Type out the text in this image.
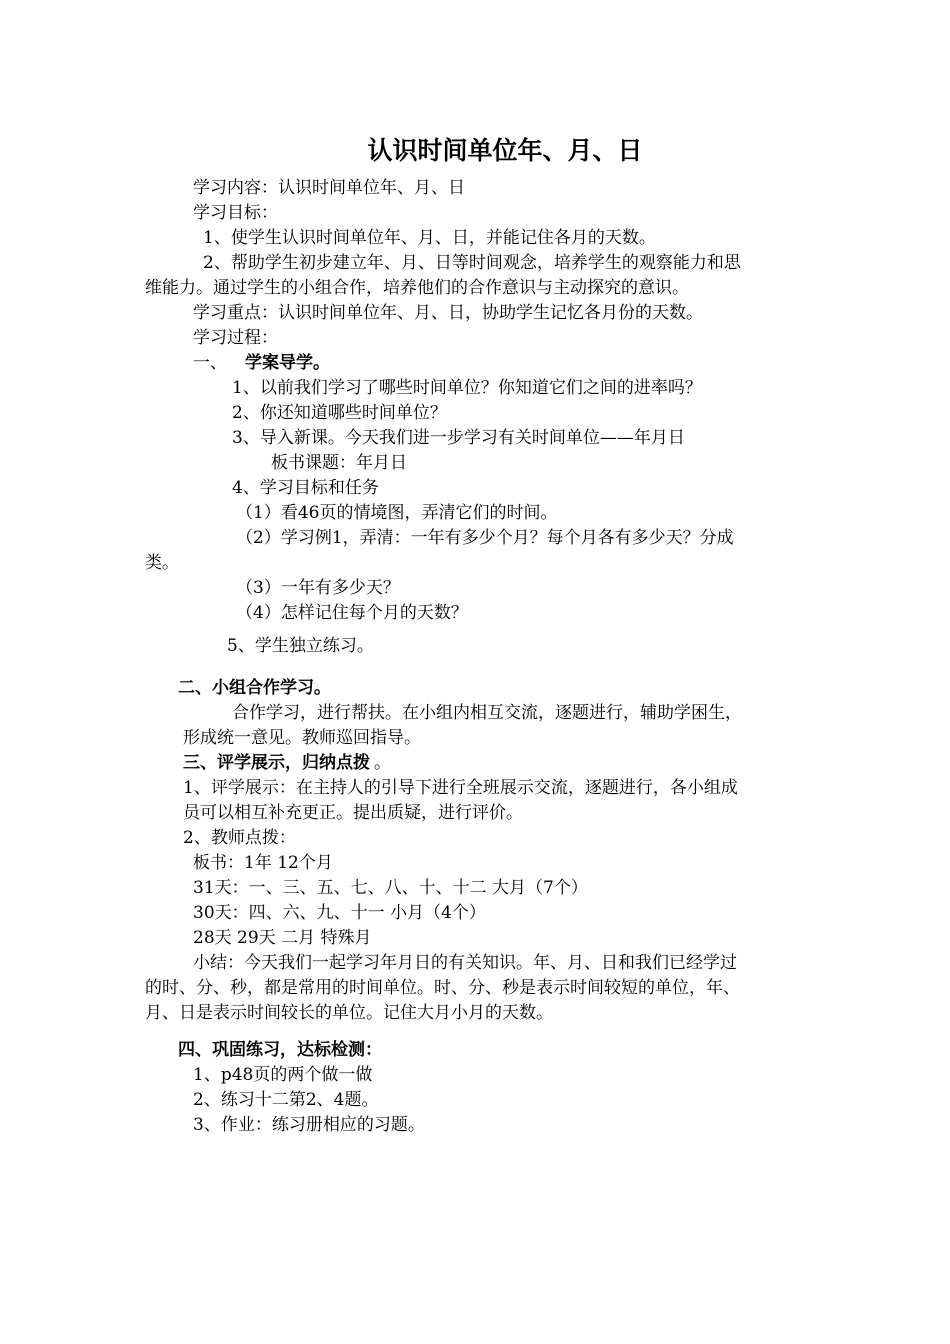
认识时间单位年、月、日
学习内容：认识时间单位年、月、日
学习目标：
1、使学生认识时间单位年、月、日，并能记住各月的天数。
2、帮助学生初步建立年、月、日等时间观念，培养学生的观察能力和思
维能力。通过学生的小组合作，培养他们的合作意识与主动探究的意识。
学习重点：认识时间单位年、月、日，协助学生记忆各月份的天数。
学习过程：
一、 学案导学。
1、以前我们学习了哪些时间单位？你知道它们之间的进率吗？
2、你还知道哪些时间单位？
3、导入新课。今天我们进一步学习有关时间单位——年月日
板书课题：年月日
4、学习目标和任务
（1）看46页的情境图，弄清它们的时间。
（2）学习例1，弄清：一年有多少个月？每个月各有多少天？分成
类。
（3）一年有多少天？
（4）怎样记住每个月的天数？
5、学生独立练习。
二、小组合作学习。
合作学习，进行帮扶。在小组内相互交流，逐题进行，辅助学困生，
形成统一意见。教师巡回指导。
三、评学展示，归纳点拨 。
1、评学展示：在主持人的引导下进行全班展示交流，逐题进行，各小组成
员可以相互补充更正。提出质疑，进行评价。
2、教师点拨：
板书：1年 12个月
31天：一、三、五、七、八、十、十二 大月（7个）
30天：四、六、九、十一 小月（4个）
28天 29天 二月 特殊月
小结：今天我们一起学习年月日的有关知识。年、月、日和我们已经学过
的时、分、秒，都是常用的时间单位。时、分、秒是表示时间较短的单位，年、
月、日是表示时间较长的单位。记住大月小月的天数。
四、巩固练习，达标检测：
1、p48页的两个做一做
2、练习十二第2、4题。
3、作业：练习册相应的习题。
